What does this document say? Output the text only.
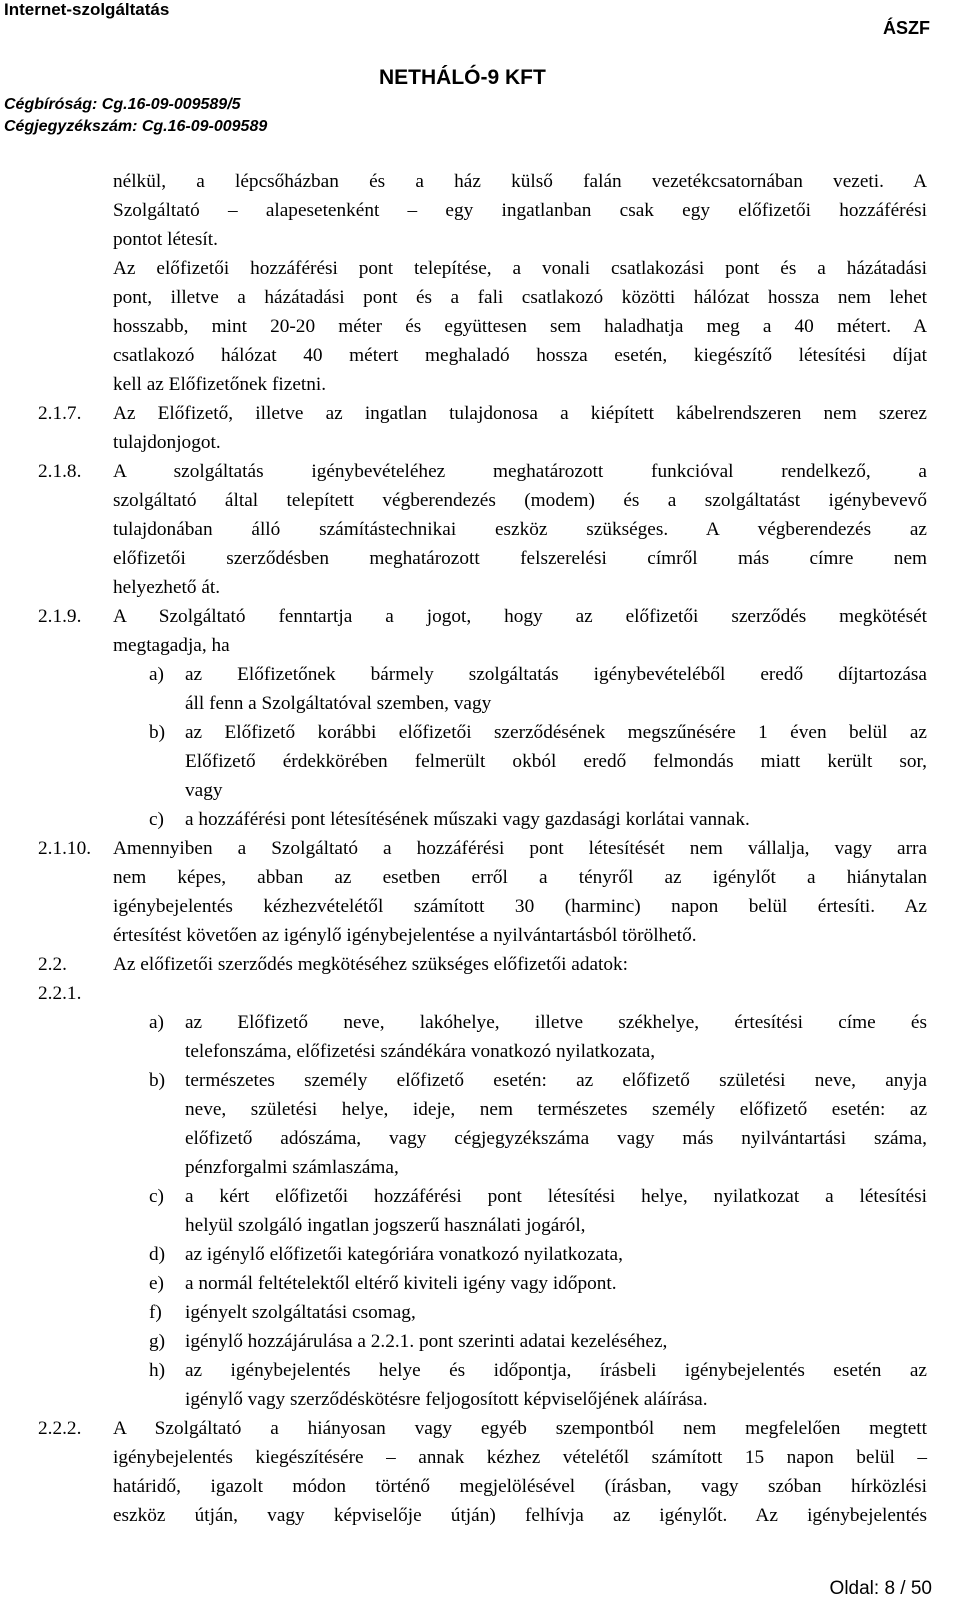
Internet-szolgáltatás
ÁSZF
NETHÁLÓ-9 KFT
Cégbíróság: Cg.16-09-009589/5
Cégjegyzékszám: Cg.16-09-009589
nélkül, a lépcsőházban és a ház külső falán vezetékcsatornában vezeti. A
Szolgáltató – alapesetenként – egy ingatlanban csak egy előfizetői hozzáférési
pontot létesít.
Az előfizetői hozzáférési pont telepítése, a vonali csatlakozási pont és a házátadási
pont, illetve a házátadási pont és a fali csatlakozó közötti hálózat hossza nem lehet
hosszabb, mint 20-20 méter és együttesen sem haladhatja meg a 40 métert. A
csatlakozó hálózat 40 métert meghaladó hossza esetén, kiegészítő létesítési díjat
kell az Előfizetőnek fizetni.
2.1.7. Az Előfizető, illetve az ingatlan tulajdonosa a kiépített kábelrendszeren nem szerez
tulajdonjogot.
2.1.8. A szolgáltatás igénybevételéhez meghatározott funkcióval rendelkező, a
szolgáltató által telepített végberendezés (modem) és a szolgáltatást igénybevevő
tulajdonában álló számítástechnikai eszköz szükséges. A végberendezés az
előfizetői szerződésben meghatározott felszerelési címről más címre nem
helyezhető át.
2.1.9. A Szolgáltató fenntartja a jogot, hogy az előfizetői szerződés megkötését
megtagadja, ha
a) az Előfizetőnek bármely szolgáltatás igénybevételéből eredő díjtartozása
áll fenn a Szolgáltatóval szemben, vagy
b) az Előfizető korábbi előfizetői szerződésének megszűnésére 1 éven belül az
Előfizető érdekkörében felmerült okból eredő felmondás miatt került sor,
vagy
c) a hozzáférési pont létesítésének műszaki vagy gazdasági korlátai vannak.
2.1.10. Amennyiben a Szolgáltató a hozzáférési pont létesítését nem vállalja, vagy arra
nem képes, abban az esetben erről a tényről az igénylőt a hiánytalan
igénybejelentés kézhezvételétől számított 30 (harminc) napon belül értesíti. Az
értesítést követően az igénylő igénybejelentése a nyilvántartásból törölhető.
2.2. Az előfizetői szerződés megkötéséhez szükséges előfizetői adatok:
2.2.1.
a) az Előfizető neve, lakóhelye, illetve székhelye, értesítési címe és
telefonszáma, előfizetési szándékára vonatkozó nyilatkozata,
b) természetes személy előfizető esetén: az előfizető születési neve, anyja
neve, születési helye, ideje, nem természetes személy előfizető esetén: az
előfizető adószáma, vagy cégjegyzékszáma vagy más nyilvántartási száma,
pénzforgalmi számlaszáma,
c) a kért előfizetői hozzáférési pont létesítési helye, nyilatkozat a létesítési
helyül szolgáló ingatlan jogszerű használati jogáról,
d) az igénylő előfizetői kategóriára vonatkozó nyilatkozata,
e) a normál feltételektől eltérő kiviteli igény vagy időpont.
f) igényelt szolgáltatási csomag,
g) igénylő hozzájárulása a 2.2.1. pont szerinti adatai kezeléséhez,
h) az igénybejelentés helye és időpontja, írásbeli igénybejelentés esetén az
igénylő vagy szerződéskötésre feljogosított képviselőjének aláírása.
2.2.2. A Szolgáltató a hiányosan vagy egyéb szempontból nem megfelelően megtett
igénybejelentés kiegészítésére – annak kézhez vételétől számított 15 napon belül –
határidő, igazolt módon történő megjelölésével (írásban, vagy szóban hírközlési
eszköz útján, vagy képviselője útján) felhívja az igénylőt. Az igénybejelentés
Oldal: 8 / 50
